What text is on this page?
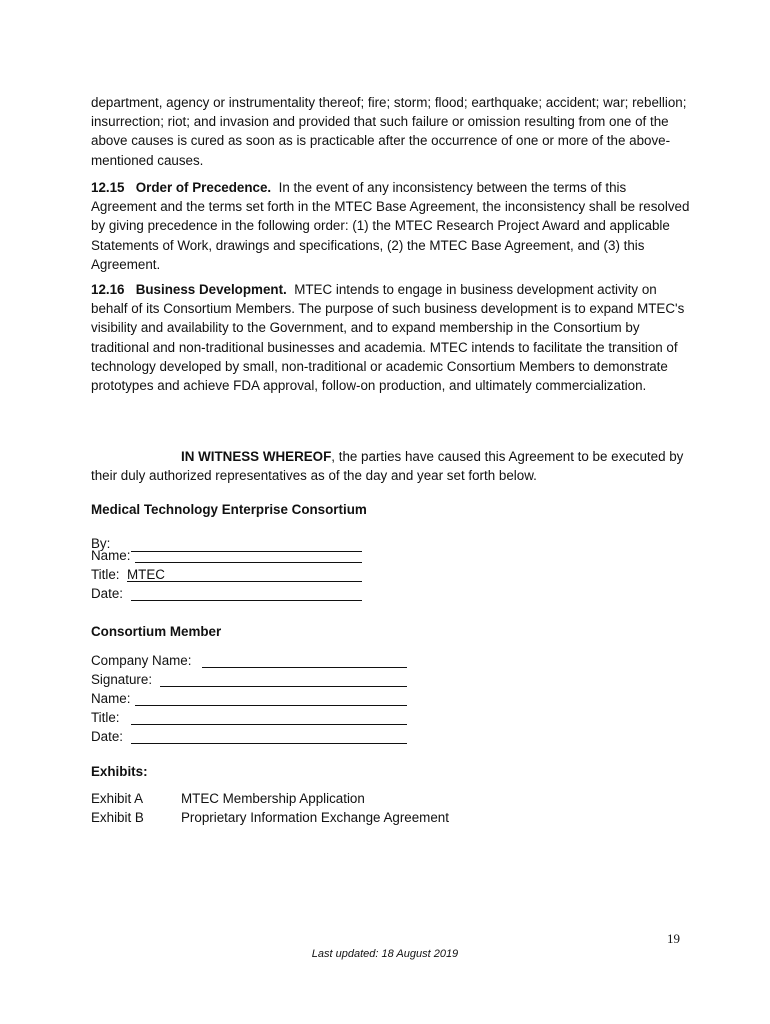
department, agency or instrumentality thereof; fire; storm; flood; earthquake; accident; war; rebellion; insurrection; riot; and invasion and provided that such failure or omission resulting from one of the above causes is cured as soon as is practicable after the occurrence of one or more of the above-mentioned causes.

12.15 Order of Precedence. In the event of any inconsistency between the terms of this Agreement and the terms set forth in the MTEC Base Agreement, the inconsistency shall be resolved by giving precedence in the following order: (1) the MTEC Research Project Award and applicable Statements of Work, drawings and specifications, (2) the MTEC Base Agreement, and (3) this Agreement.

12.16 Business Development. MTEC intends to engage in business development activity on behalf of its Consortium Members. The purpose of such business development is to expand MTEC's visibility and availability to the Government, and to expand membership in the Consortium by traditional and non-traditional businesses and academia. MTEC intends to facilitate the transition of technology developed by small, non-traditional or academic Consortium Members to demonstrate prototypes and achieve FDA approval, follow-on production, and ultimately commercialization.

IN WITNESS WHEREOF, the parties have caused this Agreement to be executed by their duly authorized representatives as of the day and year set forth below.

Medical Technology Enterprise Consortium
By:
Name:
Title: MTEC
Date:
Consortium Member
Company Name:
Signature:
Name:
Title:
Date:
Exhibits:
Exhibit A	MTEC Membership Application
Exhibit B	Proprietary Information Exchange Agreement
19
Last updated: 18 August 2019
